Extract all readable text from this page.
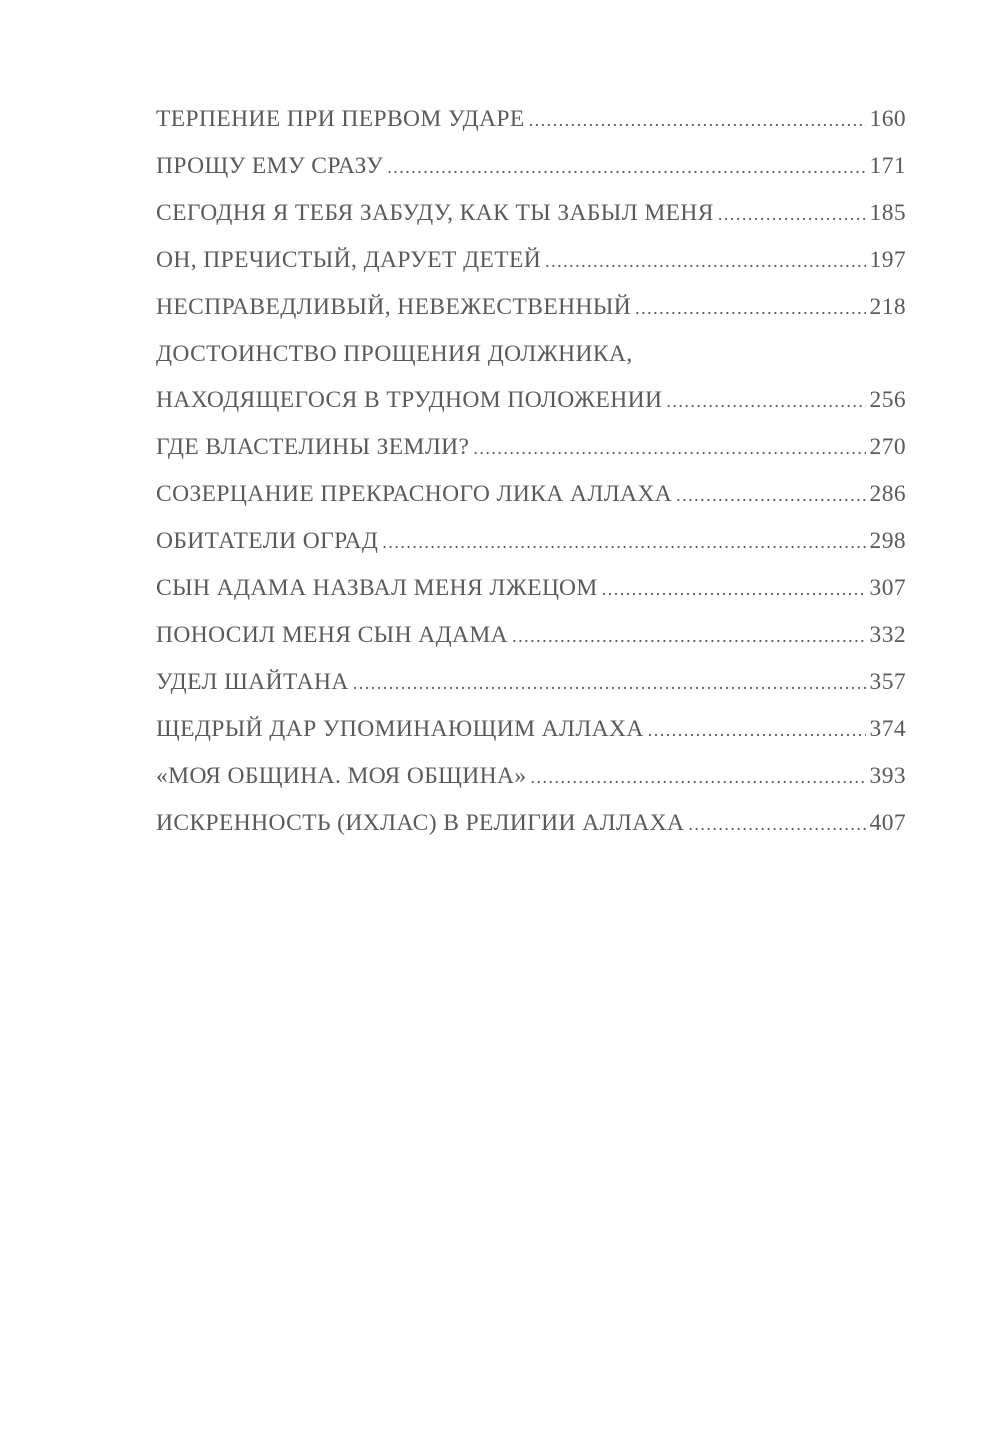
ТЕРПЕНИЕ ПРИ ПЕРВОМ УДАРЕ .....	160
ПРОЩУ ЕМУ СРАЗУ .....	171
СЕГОДНЯ Я ТЕБЯ ЗАБУДУ, КАК ТЫ ЗАБЫЛ МЕНЯ .....	185
ОН, ПРЕЧИСТЫЙ, ДАРУЕТ ДЕТЕЙ .....	197
НЕСПРАВЕДЛИВЫЙ, НЕВЕЖЕСТВЕННЫЙ .....	218
ДОСТОИНСТВО ПРОЩЕНИЯ ДОЛЖНИКА,
НАХОДЯЩЕГОСЯ В ТРУДНОМ ПОЛОЖЕНИИ .....	256
ГДЕ ВЛАСТЕЛИНЫ ЗЕМЛИ? .....	270
СОЗЕРЦАНИЕ ПРЕКРАСНОГО ЛИКА АЛЛАХА .....	286
ОБИТАТЕЛИ ОГРАД .....	298
СЫН АДАМА НАЗВАЛ МЕНЯ ЛЖЕЦОМ .....	307
ПОНОСИЛ МЕНЯ СЫН АДАМА .....	332
УДЕЛ ШАЙТАНА .....	357
ЩЕДРЫЙ ДАР УПОМИНАЮЩИМ АЛЛАХА .....	374
«МОЯ ОБЩИНА. МОЯ ОБЩИНА» .....	393
ИСКРЕННОСТЬ (ИХЛАС) В РЕЛИГИИ АЛЛАХА .....	407
